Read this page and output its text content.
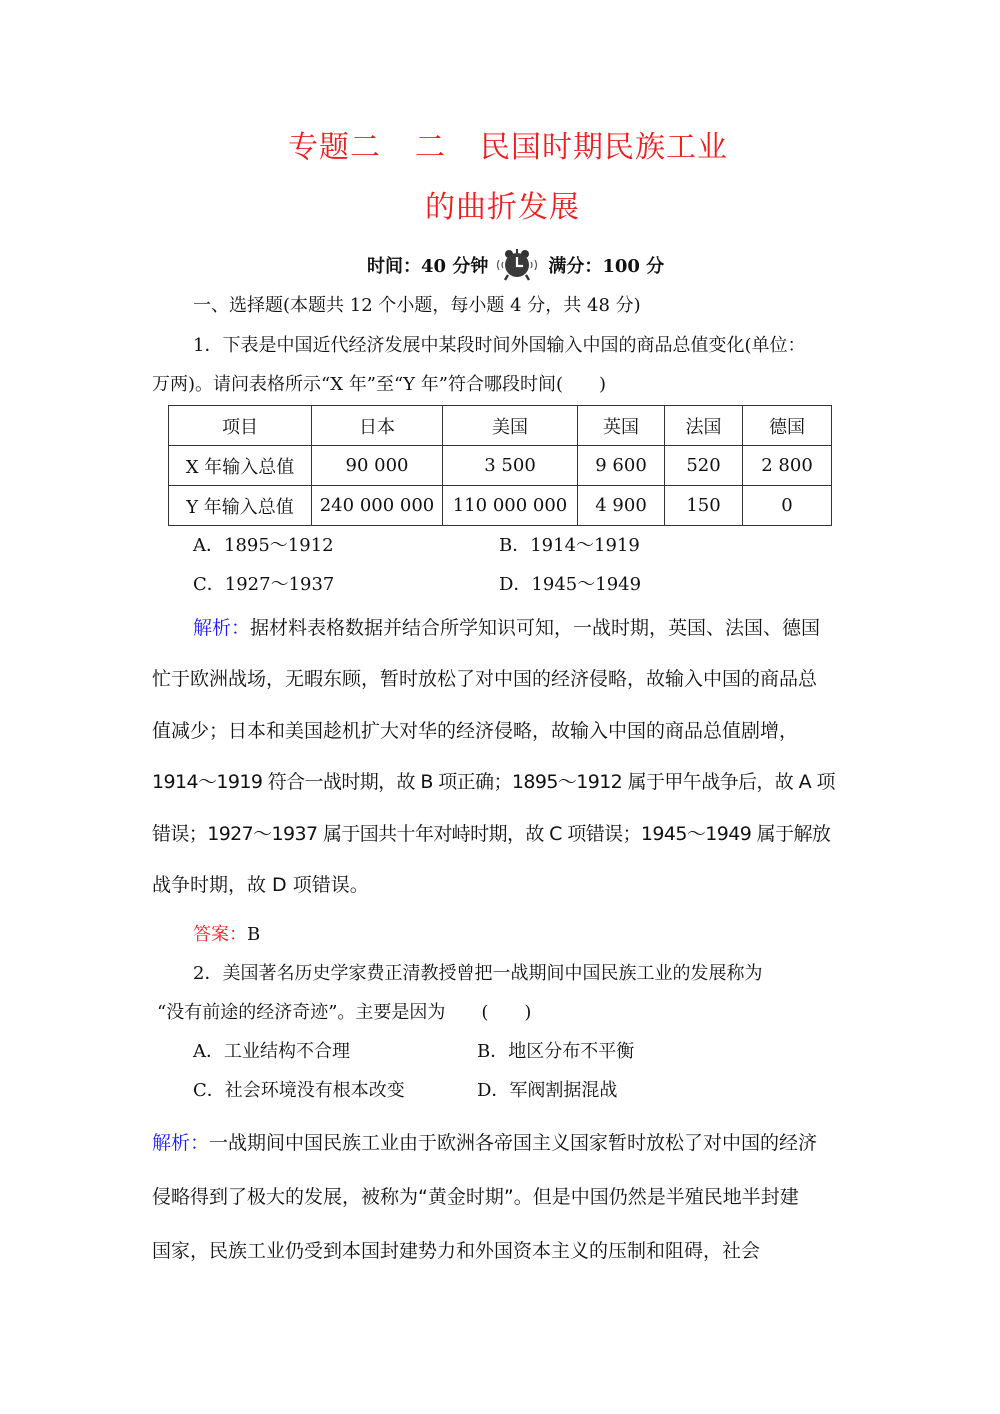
专题二 二 民国时期民族工业
的曲折发展
时间：40 分钟	满分：100 分
一、选择题(本题共 12 个小题，每小题 4 分，共 48 分)
1．下表是中国近代经济发展中某段时间外国输入中国的商品总值变化(单位：
万两)。请问表格所示“X 年”至“Y 年”符合哪段时间(　　)
项目	日本	美国	英国	法国	德国
X 年输入总值	90 000	3 500	9 600	520	2 800
Y 年输入总值	240 000 000	110 000 000	4 900	150	0
A．1895～1912	B．1914～1919
C．1927～1937	D．1945～1949
解析：据材料表格数据并结合所学知识可知，一战时期，英国、法国、德国
忙于欧洲战场，无暇东顾，暂时放松了对中国的经济侵略，故输入中国的商品总
值减少；日本和美国趁机扩大对华的经济侵略，故输入中国的商品总值剧增，
1914～1919 符合一战时期，故 B 项正确；1895～1912 属于甲午战争后，故 A 项
错误；1927～1937 属于国共十年对峙时期，故 C 项错误；1945～1949 属于解放
战争时期，故 D 项错误。
答案：B
2．美国著名历史学家费正清教授曾把一战期间中国民族工业的发展称为
“没有前途的经济奇迹”。主要是因为　　(　　)
A．工业结构不合理	B．地区分布不平衡
C．社会环境没有根本改变	D．军阀割据混战
解析：一战期间中国民族工业由于欧洲各帝国主义国家暂时放松了对中国的经济
侵略得到了极大的发展，被称为“黄金时期”。但是中国仍然是半殖民地半封建
国家，民族工业仍受到本国封建势力和外国资本主义的压制和阻碍，社会
